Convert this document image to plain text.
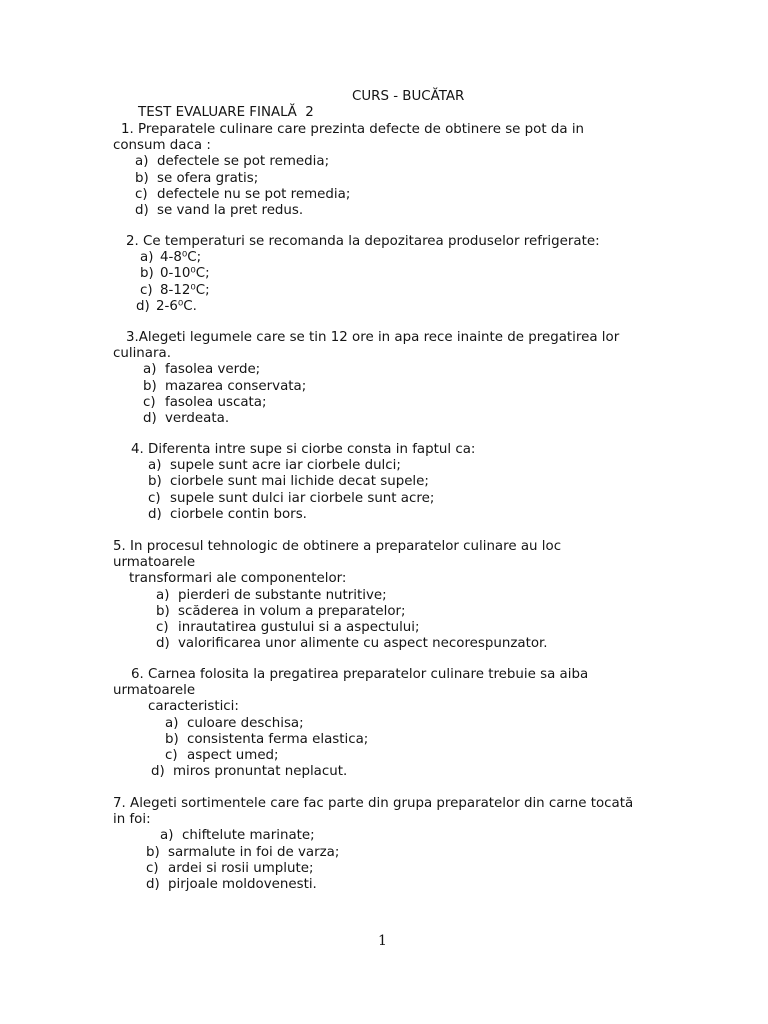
TEST EVALUARE FINALĂ  2

CURS - BUCĂTAR

1. Preparatele culinare care prezinta defecte de obtinere se pot da in
consum daca :
a) defectele se pot remedia;
b) se ofera gratis;
c) defectele nu se pot remedia;
d) se vand la pret redus.
2. Ce temperaturi se recomanda la depozitarea produselor refrigerate:
a) 4-8⁰C;
b) 0-10⁰C;
c) 8-12⁰C;
d) 2-6⁰C.
3.Alegeti legumele care se tin 12 ore in apa rece inainte de pregatirea lor
culinara.
a) fasolea verde;
b) mazarea conservata;
c) fasolea uscata;
d) verdeata.
4. Diferenta intre supe si ciorbe consta in faptul ca:
a) supele sunt acre iar ciorbele dulci;
b) ciorbele sunt mai lichide decat supele;
c) supele sunt dulci iar ciorbele sunt acre;
d) ciorbele contin bors.
5. In procesul tehnologic de obtinere a preparatelor culinare au loc
urmatoarele
transformari ale componentelor:
a) pierderi de substante nutritive;
b) scăderea in volum a preparatelor;
c) inrautatirea gustului si a aspectului;
d) valorificarea unor alimente cu aspect necorespunzator.
6. Carnea folosita la pregatirea preparatelor culinare trebuie sa aiba
urmatoarele
caracteristici:
a) culoare deschisa;
b) consistenta ferma elastica;
c) aspect umed;
d) miros pronuntat neplacut.
7. Alegeti sortimentele care fac parte din grupa preparatelor din carne tocată
in foi:
a) chiftelute marinate;
b) sarmalute in foi de varza;
c) ardei si rosii umplute;
d) pirjoale moldovenesti.
1
